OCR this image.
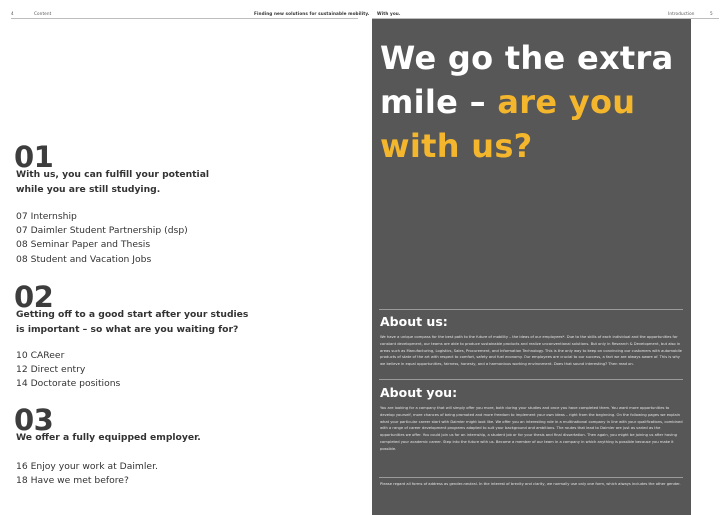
4	Content	Finding new solutions for sustainable mobility. With you.	Introduction	5
01
With us, you can fulfill your potential
while you are still studying.
07 Internship
07 Daimler Student Partnership (dsp)
08 Seminar Paper and Thesis
08 Student and Vacation Jobs
02
Getting off to a good start after your studies
is important – so what are you waiting for?
10 CAReer
12 Direct entry
14 Doctorate positions
03
We offer a fully equipped employer.
16 Enjoy your work at Daimler.
18 Have we met before?
We go the extra
mile – are you
with us?
About us:
We have a unique compass for the best path to the future of mobility – the ideas of our employees*. Due to the skills of each individual and the opportunities for constant development, our teams are able to produce sustainable products and realize unconventional solutions. But only in Research & Development, but also in areas such as Manufacturing, Logistics, Sales, Procurement, and Information Technology. This is the only way to keep on convincing our customers with automobile products of state of the art with respect to comfort, safety and fuel economy. Our employees are crucial to our success, a fact we are always aware of. This is why we believe in equal opportunities, fairness, honesty, and a harmonious working environment. Does that sound interesting? Then read on.
About you:
You are looking for a company that will simply offer you more, both during your studies and once you have completed them. You want more opportunities to develop yourself, more chances of being promoted and more freedom to implement your own ideas – right from the beginning. On the following pages we explain what your particular career start with Daimler might look like. We offer you an interesting role in a multinational company in line with your qualifications, combined with a range of career development programs adapted to suit your background and ambitions. The routes that lead to Daimler are just as varied as the opportunities we offer. You could join us for an internship, a student job or for your thesis and final dissertation. Then again, you might be joining us after having completed your academic career. Step into the future with us. Become a member of our team in a company in which anything is possible because you make it possible.
Please regard all forms of address as gender-neutral. In the interest of brevity and clarity, we normally use only one form, which always includes the other gender.
